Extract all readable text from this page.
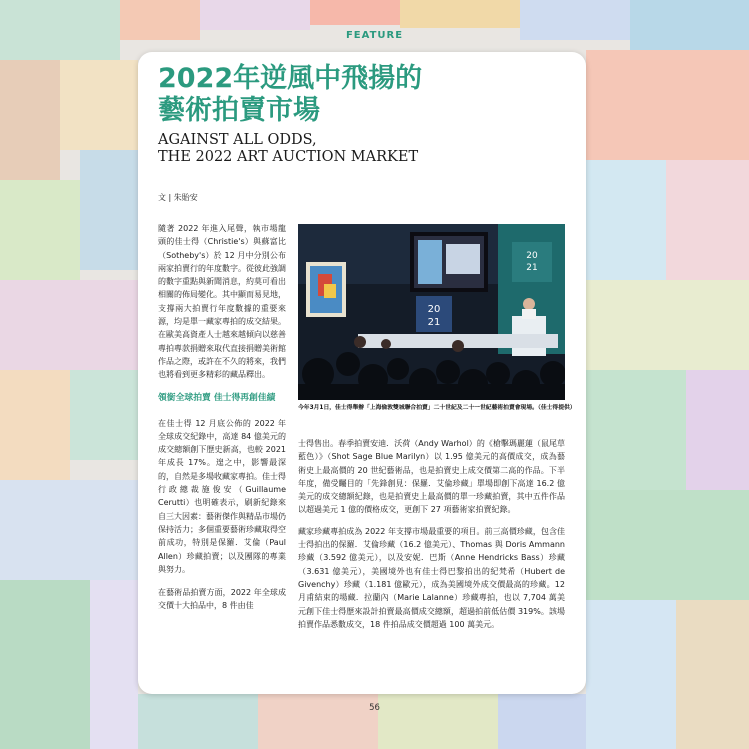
FEATURE
2022年逆風中飛揚的
藝術拍賣市場
AGAINST ALL ODDS,
THE 2022 ART AUCTION MARKET
文 | 朱貽安

隨著 2022 年進入尾聲，執市場龍頭的佳士得（Christie's）與蘇富比（Sotheby's）於 12 月中分別公布兩家拍賣行的年度數字。從彼此強調的數字重點與新聞消息，約莫可看出相關的佈局變化。其中顯而易見地，支撐兩大拍賣行年度數據的重要來源，均是單一藏家專拍的成交結果。在歐美高資產人士越來越傾向以慈善專拍專款捐贈來取代直接捐贈美術館作品之際，或許在不久的將來，我們也將看到更多精彩的藏品釋出。

領銜全球拍賣 佳士得再創佳績

在佳士得 12 月底公佈的 2022 年全球成交紀錄中，高達 84 億美元的成交總額創下歷史新高，也較 2021 年成長 17%。遑之中，影響最深的，自然是多場收藏家專拍。佳士得行政總裁施俊安（Guillaume Cerutti）也明確表示，刷新紀錄來自三大因素：藝術傑作與精品市場仍保持活力；多個重要藝術珍藏取得空前成功，特別是保羅．艾倫（Paul Allen）珍藏拍賣；以及團隊的專業與努力。

在藝術品拍賣方面，2022 年全球成交價十大拍品中，8 件由佳

20
21
20
21
今年3月1日，佳士得舉辦「上海倫敦雙城聯合拍賣」二十世紀及二十一世紀藝術拍賣會現場。（佳士得提供）

士得售出。春季拍賣安迪．沃荷（Andy Warhol）的《槍擊瑪麗蓮（鼠尾草藍色）》（Shot Sage Blue Marilyn）以 1.95 億美元的高價成交，成為藝術史上最高價的 20 世紀藝術品，也是拍賣史上成交價第二高的作品。下半年度，備受矚目的「先鋒創見：保羅．艾倫珍藏」單場即創下高達 16.2 億美元的成交總額紀錄，也是拍賣史上最高價的單一珍藏拍賣，其中五件作品以超過美元 1 億的價格成交，更創下 27 項藝術家拍賣紀錄。

藏家珍藏專拍成為 2022 年支撐市場最重要的項目。前三高價珍藏，包含佳士得拍出的保羅．艾倫珍藏（16.2 億美元）、Thomas 與 Doris Ammann 珍藏（3.592 億美元），以及安妮．巴斯（Anne Hendricks Bass）珍藏（3.631 億美元），美國境外也有佳士得巴黎拍出的紀梵希（Hubert de Givenchy）珍藏（1.181 億歐元），成為美國境外成交價最高的珍藏。12 月甫結束的場藏．拉蘭內（Marie Lalanne）珍藏專拍，也以 7,704 萬美元創下佳士得歷來設計拍賣最高價成交總額，超過拍前低估價 319%。該場拍賣作品悉數成交，18 件拍品成交價超過 100 萬美元。

56
